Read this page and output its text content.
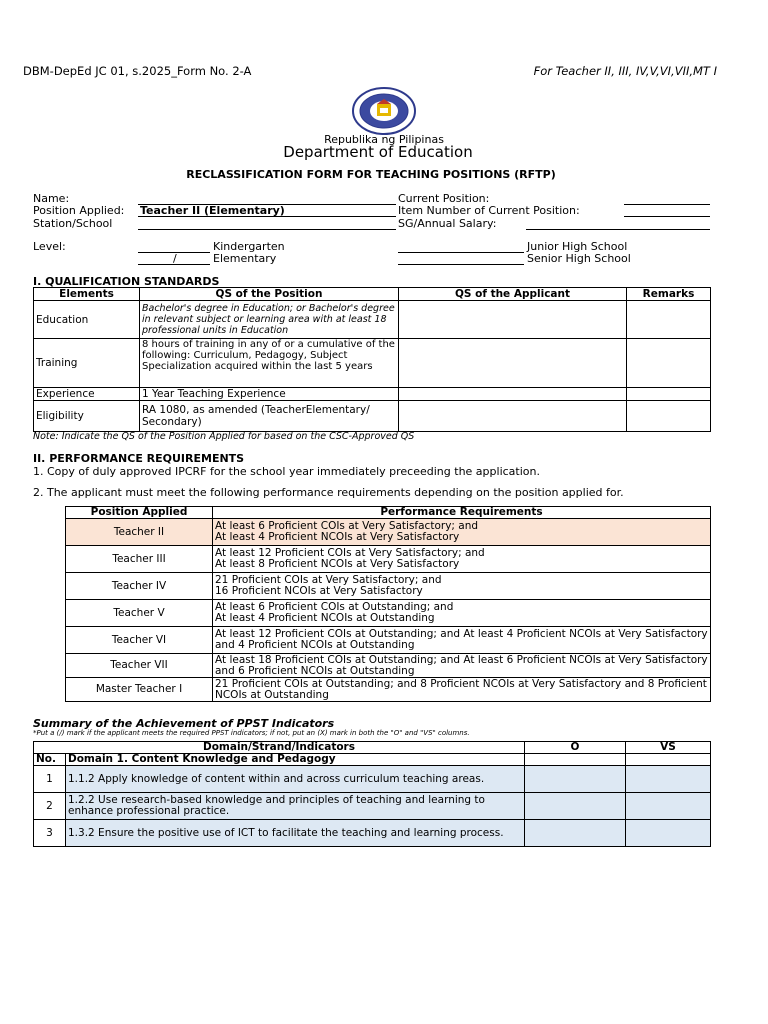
DBM-DepEd JC 01, s.2025_Form No. 2-A	For Teacher II, III, IV,V,VI,VII,MT I
Republika ng Pilipinas
Department of Education
RECLASSIFICATION FORM FOR TEACHING POSITIONS (RFTP)
Name:
Position Applied: Teacher II (Elementary)
Station/School
Current Position:
Item Number of Current Position:
SG/Annual Salary:
Level:	Kindergarten
/	Elementary
Junior High School
Senior High School
I. QUALIFICATION STANDARDS
Elements	QS of the Position	QS of the Applicant	Remarks
Education	Bachelor's degree in Education; or Bachelor's degree in relevant subject or learning area with at least 18 professional units in Education		
Training	8 hours of training in any of or a cumulative of the following: Curriculum, Pedagogy, Subject Specialization acquired within the last 5 years		
Experience	1 Year Teaching Experience		
Eligibility	RA 1080, as amended (TeacherElementary/ Secondary)		
Note: Indicate the QS of the Position Applied for based on the CSC-Approved QS
II. PERFORMANCE REQUIREMENTS
1. Copy of duly approved IPCRF for the school year immediately preceeding the application.
2. The applicant must meet the following performance requirements depending on the position applied for.
Position Applied	Performance Requirements
Teacher II	At least 6 Proficient COIs at Very Satisfactory; and
At least 4 Proficient NCOIs at Very Satisfactory
Teacher III	At least 12 Proficient COIs at Very Satisfactory; and
At least 8 Proficient NCOIs at Very Satisfactory
Teacher IV	21 Proficient COIs at Very Satisfactory; and
16 Proficient NCOIs at Very Satisfactory
Teacher V	At least 6 Proficient COIs at Outstanding; and
At least 4 Proficient NCOIs at Outstanding
Teacher VI	At least 12 Proficient COIs at Outstanding; and At least 4 Proficient NCOIs at Very Satisfactory and 4 Proficient NCOIs at Outstanding
Teacher VII	At least 18 Proficient COIs at Outstanding; and At least 6 Proficient NCOIs at Very Satisfactory and 6 Proficient NCOIs at Outstanding
Master Teacher I	21 Proficient COIs at Outstanding; and 8 Proficient NCOIs at Very Satisfactory and 8 Proficient NCOIs at Outstanding
Summary of the Achievement of PPST Indicators
*Put a (/) mark if the applicant meets the required PPST indicators; if not, put an (X) mark in both the "O" and "VS" columns.
Domain/Strand/Indicators		O	VS
No.	Domain 1. Content Knowledge and Pedagogy		
1	1.1.2 Apply knowledge of content within and across curriculum teaching areas.		
2	1.2.2 Use research-based knowledge and principles of teaching and learning to enhance professional practice.		
3	1.3.2 Ensure the positive use of ICT to facilitate the teaching and learning process.		
